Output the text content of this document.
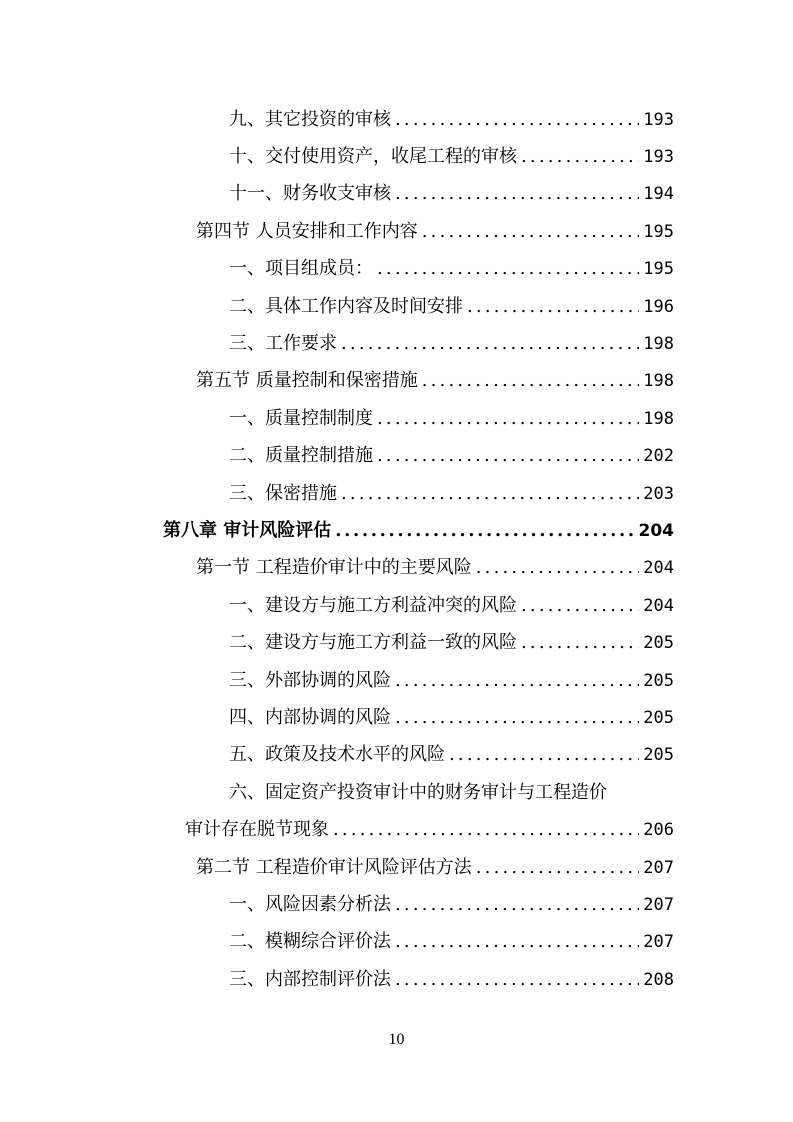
九、其它投资的审核 .....	193
十、交付使用资产，收尾工程的审核 .....	193
十一、财务收支审核 .....	194
第四节 人员安排和工作内容 .....	195
一、项目组成员： .....	195
二、具体工作内容及时间安排 .....	196
三、工作要求 .....	198
第五节 质量控制和保密措施 .....	198
一、质量控制制度 .....	198
二、质量控制措施 .....	202
三、保密措施 .....	203
第八章 审计风险评估 .....	204
第一节 工程造价审计中的主要风险 .....	204
一、建设方与施工方利益冲突的风险 .....	204
二、建设方与施工方利益一致的风险 .....	205
三、外部协调的风险 .....	205
四、内部协调的风险 .....	205
五、政策及技术水平的风险 .....	205
六、固定资产投资审计中的财务审计与工程造价
审计存在脱节现象 .....	206
第二节 工程造价审计风险评估方法 .....	207
一、风险因素分析法 .....	207
二、模糊综合评价法 .....	207
三、内部控制评价法 .....	208
10
